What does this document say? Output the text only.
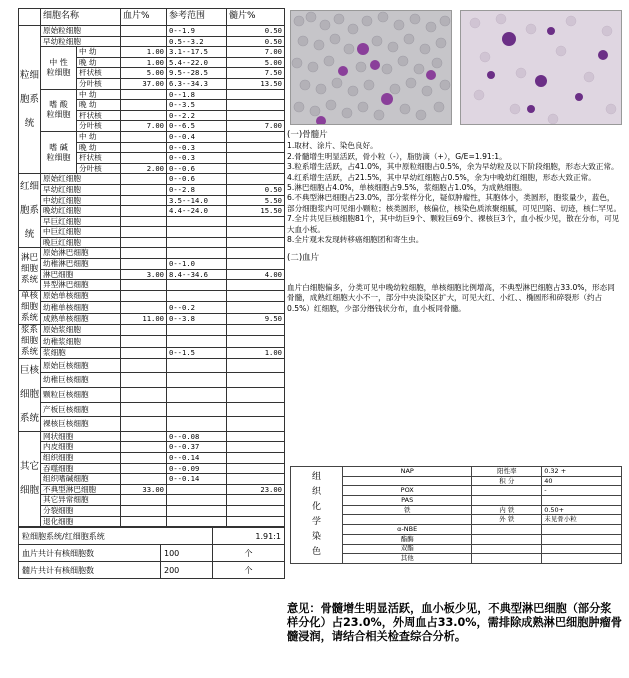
	细胞名称		血片%	参考范围	髓片%
粒细胞系统	原始粒细胞			0--1.9	0.50
	早幼粒细胞			0.5--3.2	0.50

	中 性
粒细胞	中 幼	1.00	3.1--17.5	7.00
		晚 幼	1.00	5.4--22.0	5.00
		杆状核	5.00	9.5--28.5	7.50
		分叶核	37.00	6.3--34.3	13.50

	嗜 酸
粒细胞	中 幼		0--1.8	
		晚 幼		0--3.5	
		杆状核		0--2.2	
		分叶核	7.00	0--6.5	7.00

	嗜 碱
粒细胞	中 幼		0--0.4	
		晚 幼		0--0.3	
		杆状核		0--0.3	
		分叶核	2.00	0--0.6	
红细胞系统	原始红细胞			0--0.6	
	早幼红细胞			0--2.8	0.50
	中幼红细胞			3.5--14.0	5.50
	晚幼红细胞			4.4--24.0	15.50
	早巨红细胞				
	中巨红细胞				
	晚巨红细胞				
淋巴细胞系统	原始淋巴细胞				
	幼稚淋巴细胞			0--1.0	
	淋巴细胞		3.00	8.4--34.6	4.00
	异型淋巴细胞				
单核细胞系统	原始单核细胞				
	幼稚单核细胞			0--0.2	
	成熟单核细胞		11.00	0--3.8	9.50
浆系细胞系统	原始浆细胞				
	幼稚浆细胞				
	浆细胞			0--1.5	1.00
巨核细胞系统	原始巨核细胞				
	幼稚巨核细胞				
	颗粒巨核细胞				
	产板巨核细胞				
	裸核巨核细胞				
其它细胞	网状细胞			0--0.08	
	内皮细胞			0--0.37	
	组织细胞			0--0.14	
	吞噬细胞			0--0.09	
	组织嗜碱细胞			0--0.14	
	不典型淋巴细胞		33.00		23.00
	其它异常细胞				
	分裂细胞				
	退化细胞				
粒细胞系统/红细胞系统		1.91:1
血片共计有核细胞数	100	个
髓片共计有核细胞数	200	个
(一)骨髓片

1.取材、涂片、染色良好。

2.骨髓增生明显活跃，骨小粒（-），脂肪滴（+），G/E=1.91:1。

3.粒系增生活跃，占41.0%，其中原粒细胞占0.5%，余为早幼粒及以下阶段细胞，形态大致正常。

4.红系增生活跃，占21.5%，其中早幼红细胞占0.5%，余为中晚幼红细胞，形态大致正常。

5.淋巴细胞占4.0%，单核细胞占9.5%，浆细胞占1.0%，为成熟细胞。

6.不典型淋巴细胞占23.0%，部分浆样分化，疑似肿瘤性，其胞体小，类圆形，胞浆量少，蓝色，部分细胞浆内可见细小颗粒；核类圆形，核偏位，核染色质浓聚细腻，可见凹陷、切迹，核仁罕见。

7.全片共见巨核细胞81个，其中幼巨9个、颗粒巨69个、裸核巨3个，血小板少见，散在分布，可见大血小板。

8.全片观未发现转移癌细胞团和寄生虫。

(二)血片

血片白细胞偏多，分类可见中晚幼粒细胞，单核细胞比例增高，不典型淋巴细胞占33.0%，形态同骨髓，成熟红细胞大小不一，部分中央淡染区扩大，可见大红、小红、、椭圆形和碎裂形（约占0.5%）红细胞，少部分缗钱状分布，血小板同骨髓。

组织化学染色	NAP	阳性率	0.32 +
		积 分	40
	POX		-
	PAS		
	铁	内 铁	0.50+
		外 铁	未见骨小粒
	α-NBE		
	酯酶		
	双酯		
	其他		
意见：骨髓增生明显活跃，血小板少见，不典型淋巴细胞（部分浆样分化）占23.0%，外周血占33.0%，需排除成熟淋巴细胞肿瘤骨髓浸润，请结合相关检查综合分析。
